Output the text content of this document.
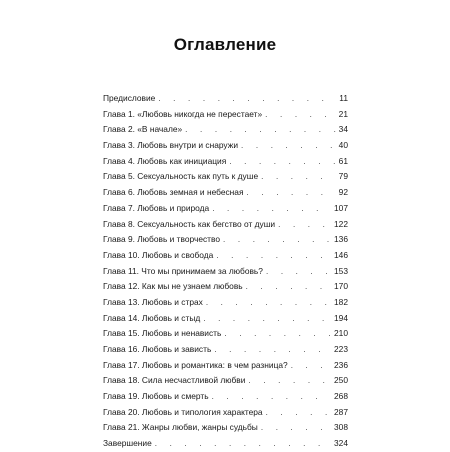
Оглавление
Предисловие . . .	11
Глава 1. «Любовь никогда не перестает» . . .	21
Глава 2. «В начале» . . .	34
Глава 3. Любовь внутри и снаружи . . .	40
Глава 4. Любовь как инициация . . .	61
Глава 5. Сексуальность как путь к душе . . .	79
Глава 6. Любовь земная и небесная . . .	92
Глава 7. Любовь и природа . . .	107
Глава 8. Сексуальность как бегство от души . . .	122
Глава 9. Любовь и творчество . . .	136
Глава 10. Любовь и свобода . . .	146
Глава 11. Что мы принимаем за любовь? . . .	153
Глава 12. Как мы не узнаем любовь . . .	170
Глава 13. Любовь и страх . . .	182
Глава 14. Любовь и стыд . . .	194
Глава 15. Любовь и ненависть . . .	210
Глава 16. Любовь и зависть . . .	223
Глава 17. Любовь и романтика: в чем разница? . . .	236
Глава 18. Сила несчастливой любви . . .	250
Глава 19. Любовь и смерть . . .	268
Глава 20. Любовь и типология характера . . .	287
Глава 21. Жанры любви, жанры судьбы . . .	308
Завершение . . .	324
